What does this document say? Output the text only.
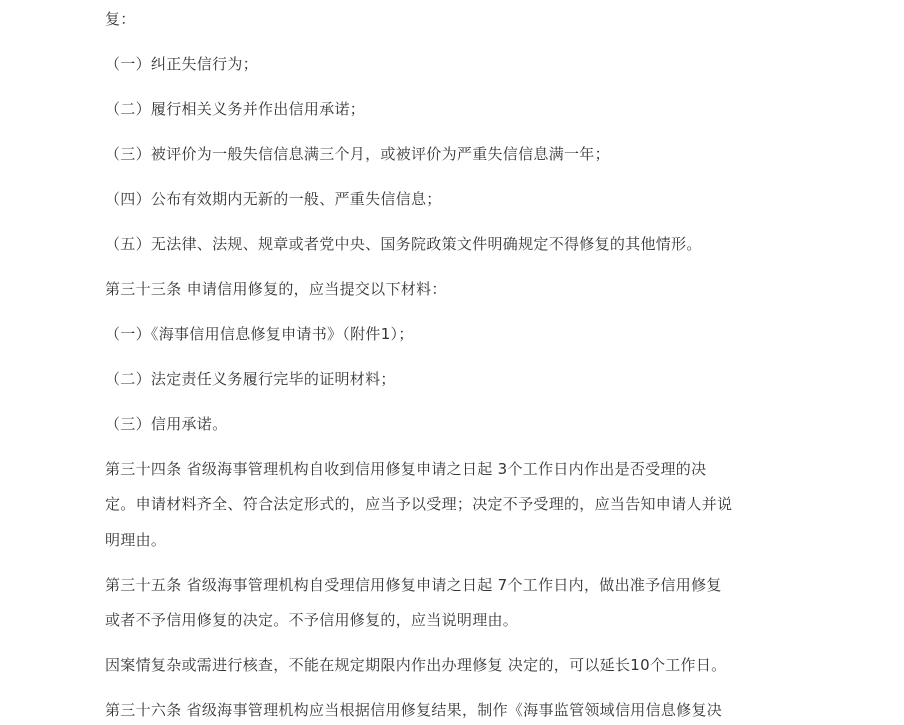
复：
（一）纠正失信行为；
（二）履行相关义务并作出信用承诺；
（三）被评价为一般失信信息满三个月，或被评价为严重失信信息满一年；
（四）公布有效期内无新的一般、严重失信信息；
（五）无法律、法规、规章或者党中央、国务院政策文件明确规定不得修复的其他情形。
第三十三条 申请信用修复的，应当提交以下材料：
（一）《海事信用信息修复申请书》（附件1）；
（二）法定责任义务履行完毕的证明材料；
（三）信用承诺。
第三十四条 省级海事管理机构自收到信用修复申请之日起 3个工作日内作出是否受理的决
定。申请材料齐全、符合法定形式的，应当予以受理；决定不予受理的，应当告知申请人并说
明理由。
第三十五条 省级海事管理机构自受理信用修复申请之日起 7个工作日内，做出准予信用修复
或者不予信用修复的决定。不予信用修复的，应当说明理由。
因案情复杂或需进行核查，不能在规定期限内作出办理修复 决定的，可以延长10个工作日。
第三十六条 省级海事管理机构应当根据信用修复结果，制作《海事监管领域信用信息修复决
